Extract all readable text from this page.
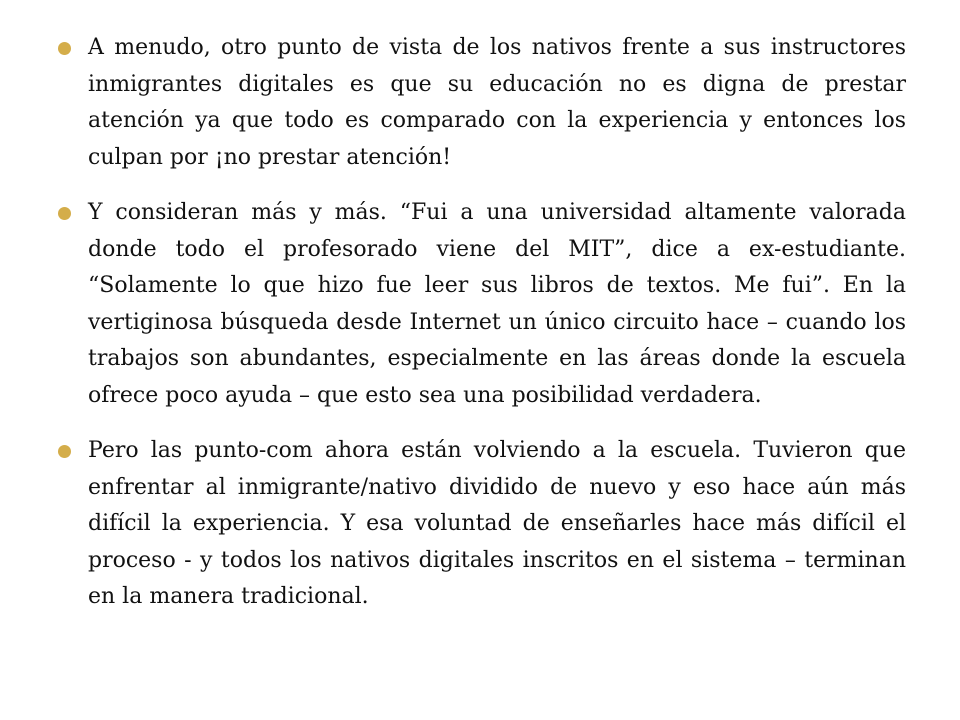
A menudo, otro punto de vista de los nativos frente a sus instructores inmigrantes digitales es que su educación no es digna de prestar atención ya que todo es comparado con la experiencia y entonces los culpan por ¡no prestar atención!
Y consideran más y más. “Fui a una universidad altamente valorada donde todo el profesorado viene del MIT”, dice a ex-estudiante. “Solamente lo que hizo fue leer sus libros de textos. Me fui”. En la vertiginosa búsqueda desde Internet un único circuito hace – cuando los trabajos son abundantes, especialmente en las áreas donde la escuela ofrece poco ayuda – que esto sea una posibilidad verdadera.
Pero las punto-com ahora están volviendo a la escuela. Tuvieron que enfrentar al inmigrante/nativo dividido de nuevo y eso hace aún más difícil la experiencia. Y esa voluntad de enseñarles hace más difícil el proceso - y todos los nativos digitales inscritos en el sistema – terminan en la manera tradicional.
